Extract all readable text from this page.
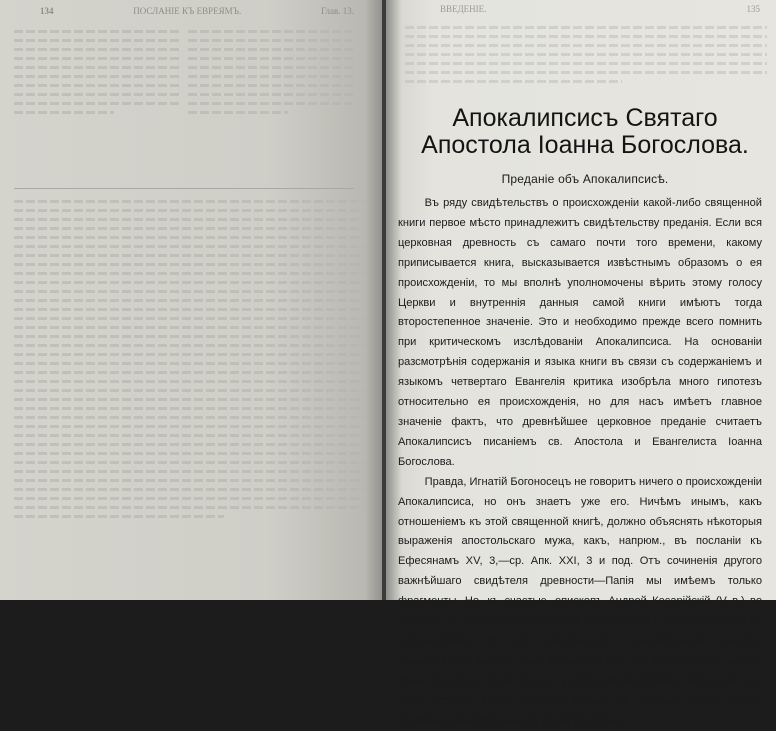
134	ПОСЛАНІЕ КЪ ЕВРЕЯМЪ.	Глав. 13.	ВВЕДЕНІЕ.	135
Апокалипсисъ Святаго
Апостола Іоанна Богослова.
Преданіе объ Апокалипсисѣ.

Въ ряду свидѣтельствъ о происхожденіи какой-либо священной книги первое мѣсто принадлежитъ свидѣтельству преданія. Если вся церковная древность съ самаго почти того времени, какому приписывается книга, высказывается извѣстнымъ образомъ о ея происхожденіи, то мы вполнѣ уполномочены вѣрить этому голосу Церкви и внутреннія данныя самой книги имѣютъ тогда второстепенное значеніе. Это и необходимо прежде всего помнить при критическомъ изслѣдованіи Апокалипсиса. На основаніи разсмотрѣнія содержанія и языка книги въ связи съ содержаніемъ и языкомъ четвертаго Евангелія критика изобрѣла много гипотезъ относительно ея происхожденія, но для насъ имѣетъ главное значеніе фактъ, что древнѣйшее церковное преданіе считаетъ Апокалипсисъ писаніемъ св. Апостола и Евангелиста Іоанна Богослова.

Правда, Игнатій Богоносецъ не говоритъ ничего о происхожденіи Апокалипсиса, но онъ знаетъ уже его. Ничѣмъ инымъ, какъ отношеніемъ къ этой священной книгѣ, должно объяснять нѣкоторыя выраженія апостольскаго мужа, какъ, напрюм., въ посланіи къ Ефесянамъ XV, 3,—ср. Апк. XXI, 3 и под. Отъ сочиненія другого важнѣйшаго свидѣтеля древности—Папія мы имѣемъ только фрагменты. Но, къ счастью, епископъ Андрей Кесарійскій (V в.) во введеніи къ своему толкованію на Апокалипсисъ относитъ Папія къ поручителямъ за его достоинство. Свидѣтельство ученаго комментатора имѣетъ тѣмъ большую цѣну, что онъ, конечно, читалъ самъ сочиненіе Папія, слѣды существованія котораго находятся еще и въ гораздо болѣе позднее время. Въ другомъ мѣстѣ своего толкованія Андрей цитуетъ Папія буквально.
